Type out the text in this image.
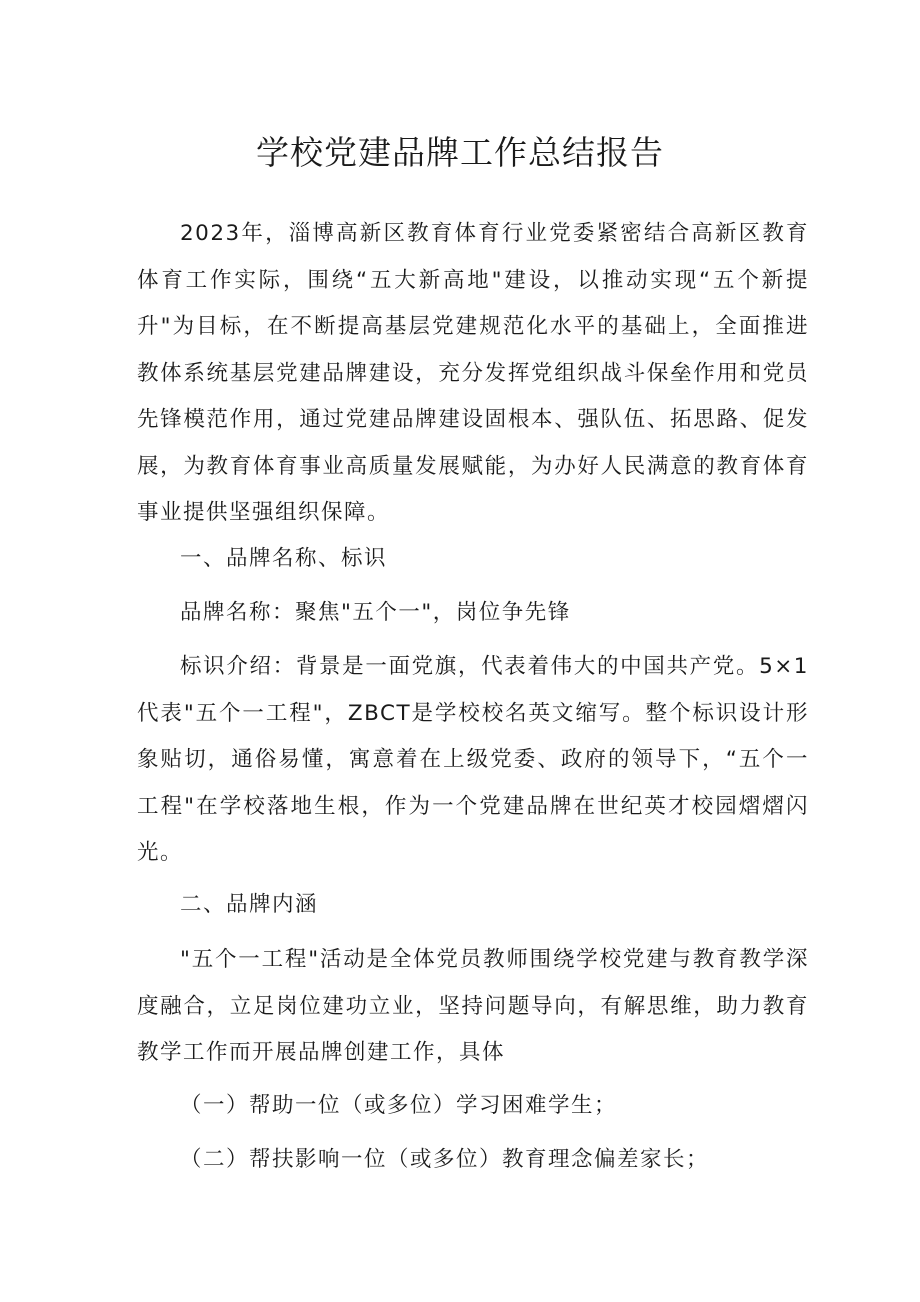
学校党建品牌工作总结报告
2023年，淄博高新区教育体育行业党委紧密结合高新区教育体育工作实际，围绕“五大新高地"建设，以推动实现“五个新提升"为目标，在不断提高基层党建规范化水平的基础上，全面推进教体系统基层党建品牌建设，充分发挥党组织战斗保垒作用和党员先锋模范作用，通过党建品牌建设固根本、强队伍、拓思路、促发展，为教育体育事业高质量发展赋能，为办好人民满意的教育体育事业提供坚强组织保障。
一、品牌名称、标识
品牌名称：聚焦"五个一"，岗位争先锋
标识介绍：背景是一面党旗，代表着伟大的中国共产党。5×1代表"五个一工程"，ZBCT是学校校名英文缩写。整个标识设计形象贴切，通俗易懂，寓意着在上级党委、政府的领导下，“五个一工程"在学校落地生根，作为一个党建品牌在世纪英才校园熠熠闪光。
二、品牌内涵
"五个一工程"活动是全体党员教师围绕学校党建与教育教学深度融合，立足岗位建功立业，坚持问题导向，有解思维，助力教育教学工作而开展品牌创建工作，具体
（一）帮助一位（或多位）学习困难学生；
（二）帮扶影响一位（或多位）教育理念偏差家长；
